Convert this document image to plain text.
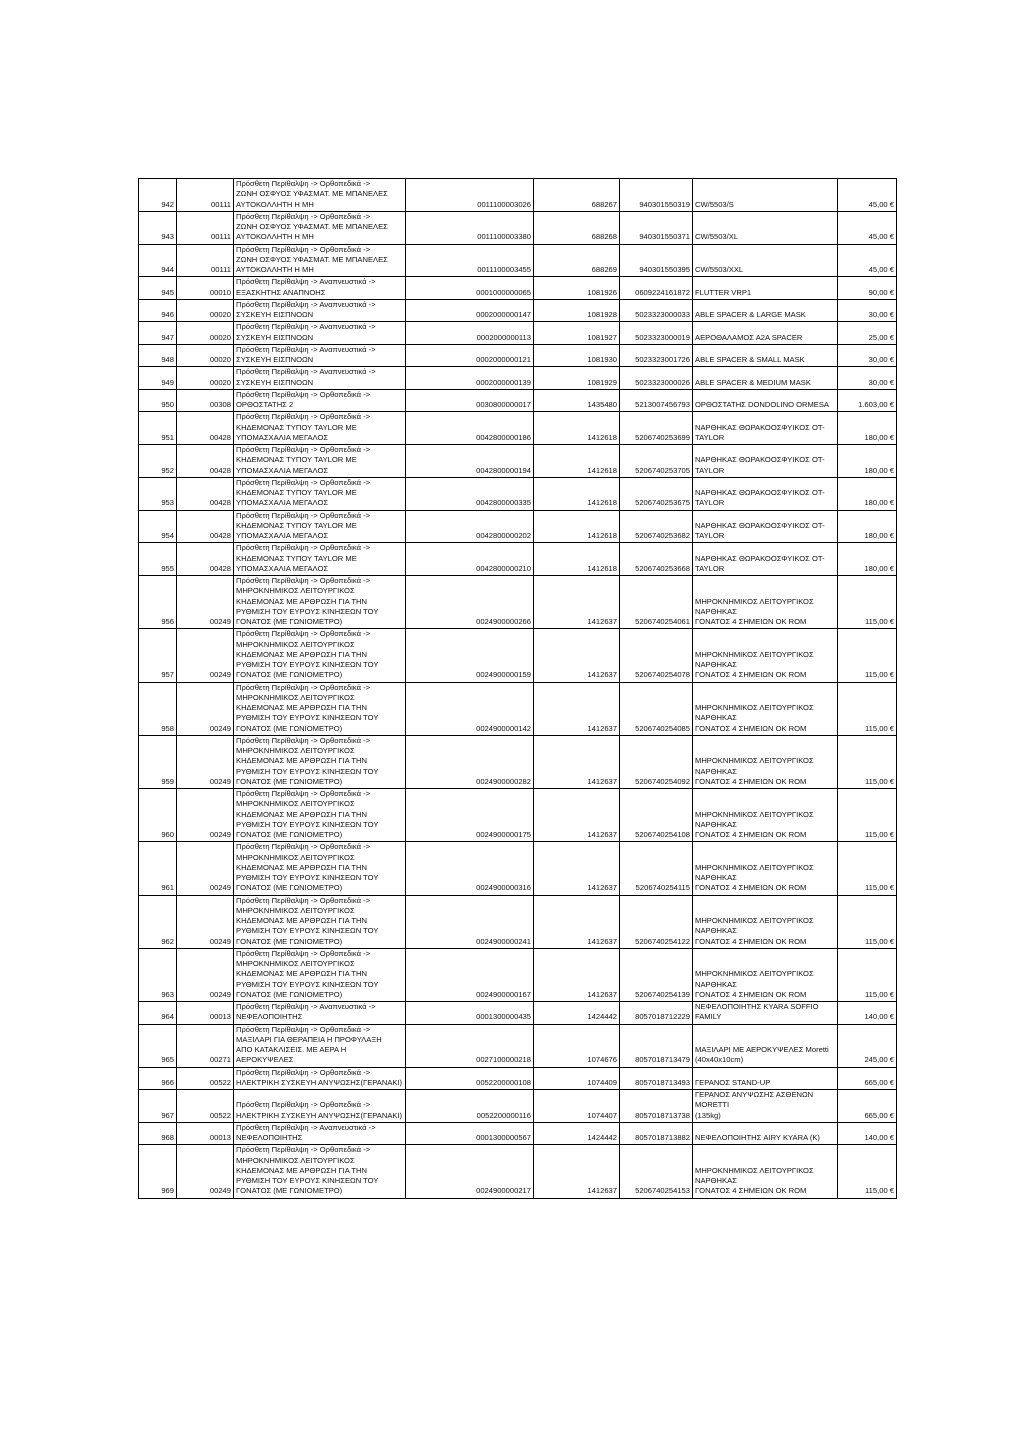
942	00111	Πρόσθετη Περίθαλψη -> Ορθοπεδικά ->
ΖΩΝΗ ΟΣΦΥΟΣ ΥΦΑΣΜΑΤ. ΜΕ ΜΠΑΝΕΛΕΣ
ΑΥΤΟΚΟΛΛΗΤΗ Η ΜΗ	0011100003026	688267	940301550319	CW/5503/S	45,00 €
943	00111	Πρόσθετη Περίθαλψη -> Ορθοπεδικά ->
ΖΩΝΗ ΟΣΦΥΟΣ ΥΦΑΣΜΑΤ. ΜΕ ΜΠΑΝΕΛΕΣ
ΑΥΤΟΚΟΛΛΗΤΗ Η ΜΗ	0011100003380	688268	940301550371	CW/5503/XL	45,00 €
944	00111	Πρόσθετη Περίθαλψη -> Ορθοπεδικά ->
ΖΩΝΗ ΟΣΦΥΟΣ ΥΦΑΣΜΑΤ. ΜΕ ΜΠΑΝΕΛΕΣ
ΑΥΤΟΚΟΛΛΗΤΗ Η ΜΗ	0011100003455	688269	940301550395	CW/5503/XXL	45,00 €
945	00010	Πρόσθετη Περίθαλψη -> Αναπνευστικά ->
ΕΞΑΣΚΗΤΗΣ ΑΝΑΠΝΟΗΣ	0001000000065	1081926	0609224161872	FLUTTER VRP1	90,00 €
946	00020	Πρόσθετη Περίθαλψη -> Αναπνευστικά ->
ΣΥΣΚΕΥΗ ΕΙΣΠΝΟΩΝ	0002000000147	1081928	5023323000033	ABLE SPACER & LARGE MASK	30,00 €
947	00020	Πρόσθετη Περίθαλψη -> Αναπνευστικά ->
ΣΥΣΚΕΥΗ ΕΙΣΠΝΟΩΝ	0002000000113	1081927	5023323000019	ΑΕΡΟΘΑΛΑΜΟΣ Α2Α SPACER	25,00 €
948	00020	Πρόσθετη Περίθαλψη -> Αναπνευστικά ->
ΣΥΣΚΕΥΗ ΕΙΣΠΝΟΩΝ	0002000000121	1081930	5023323001726	ABLE SPACER & SMALL MASK	30,00 €
949	00020	Πρόσθετη Περίθαλψη -> Αναπνευστικά ->
ΣΥΣΚΕΥΗ ΕΙΣΠΝΟΩΝ	0002000000139	1081929	5023323000026	ABLE SPACER & MEDIUM MASK	30,00 €
950	00308	Πρόσθετη Περίθαλψη -> Ορθοπεδικά ->
ΟΡΘΟΣΤΑΤΗΣ 2	0030800000017	1435480	5213007456793	ΟΡΘΟΣΤΑΤΗΣ DONDOLINO ORMESA	1.603,00 €
951	00428	Πρόσθετη Περίθαλψη -> Ορθοπεδικά ->
ΚΗΔΕΜΟΝΑΣ ΤΥΠΟΥ TAYLOR ΜΕ
ΥΠΟΜΑΣΧΑΛΙΑ ΜΕΓΑΛΟΣ	0042800000186	1412618	5206740253699	ΝΑΡΘΗΚΑΣ ΘΩΡΑΚΟΟΣΦΥΙΚΟΣ OT-TAYLOR	180,00 €
952	00428	Πρόσθετη Περίθαλψη -> Ορθοπεδικά ->
ΚΗΔΕΜΟΝΑΣ ΤΥΠΟΥ TAYLOR ΜΕ
ΥΠΟΜΑΣΧΑΛΙΑ ΜΕΓΑΛΟΣ	0042800000194	1412618	5206740253705	ΝΑΡΘΗΚΑΣ ΘΩΡΑΚΟΟΣΦΥΙΚΟΣ OT-TAYLOR	180,00 €
953	00428	Πρόσθετη Περίθαλψη -> Ορθοπεδικά ->
ΚΗΔΕΜΟΝΑΣ ΤΥΠΟΥ TAYLOR ΜΕ
ΥΠΟΜΑΣΧΑΛΙΑ ΜΕΓΑΛΟΣ	0042800000335	1412618	5206740253675	ΝΑΡΘΗΚΑΣ ΘΩΡΑΚΟΟΣΦΥΙΚΟΣ OT-TAYLOR	180,00 €
954	00428	Πρόσθετη Περίθαλψη -> Ορθοπεδικά ->
ΚΗΔΕΜΟΝΑΣ ΤΥΠΟΥ TAYLOR ΜΕ
ΥΠΟΜΑΣΧΑΛΙΑ ΜΕΓΑΛΟΣ	0042800000202	1412618	5206740253682	ΝΑΡΘΗΚΑΣ ΘΩΡΑΚΟΟΣΦΥΙΚΟΣ OT-TAYLOR	180,00 €
955	00428	Πρόσθετη Περίθαλψη -> Ορθοπεδικά ->
ΚΗΔΕΜΟΝΑΣ ΤΥΠΟΥ TAYLOR ΜΕ
ΥΠΟΜΑΣΧΑΛΙΑ ΜΕΓΑΛΟΣ	0042800000210	1412618	5206740253668	ΝΑΡΘΗΚΑΣ ΘΩΡΑΚΟΟΣΦΥΙΚΟΣ OT-TAYLOR	180,00 €
956	00249	Πρόσθετη Περίθαλψη -> Ορθοπεδικά ->
ΜΗΡΟΚΝΗΜΙΚΟΣ ΛΕΙΤΟΥΡΓΙΚΟΣ
ΚΗΔΕΜΟΝΑΣ ΜΕ ΑΡΘΡΩΣΗ ΓΙΑ ΤΗΝ
ΡΥΘΜΙΣΗ ΤΟΥ ΕΥΡΟΥΣ ΚΙΝΗΣΕΩΝ ΤΟΥ
ΓΟΝΑΤΟΣ (ΜΕ ΓΩΝΙΟΜΕΤΡΟ)	0024900000266	1412637	5206740254061	ΜΗΡΟΚΝΗΜΙΚΟΣ ΛΕΙΤΟΥΡΓΙΚΟΣ ΝΑΡΘΗΚΑΣ
ΓΟΝΑΤΟΣ 4 ΣΗΜΕΙΩΝ ΟΚ ROM	115,00 €
957	00249	Πρόσθετη Περίθαλψη -> Ορθοπεδικά ->
ΜΗΡΟΚΝΗΜΙΚΟΣ ΛΕΙΤΟΥΡΓΙΚΟΣ
ΚΗΔΕΜΟΝΑΣ ΜΕ ΑΡΘΡΩΣΗ ΓΙΑ ΤΗΝ
ΡΥΘΜΙΣΗ ΤΟΥ ΕΥΡΟΥΣ ΚΙΝΗΣΕΩΝ ΤΟΥ
ΓΟΝΑΤΟΣ (ΜΕ ΓΩΝΙΟΜΕΤΡΟ)	0024900000159	1412637	5206740254078	ΜΗΡΟΚΝΗΜΙΚΟΣ ΛΕΙΤΟΥΡΓΙΚΟΣ ΝΑΡΘΗΚΑΣ
ΓΟΝΑΤΟΣ 4 ΣΗΜΕΙΩΝ ΟΚ ROM	115,00 €
958	00249	Πρόσθετη Περίθαλψη -> Ορθοπεδικά ->
ΜΗΡΟΚΝΗΜΙΚΟΣ ΛΕΙΤΟΥΡΓΙΚΟΣ
ΚΗΔΕΜΟΝΑΣ ΜΕ ΑΡΘΡΩΣΗ ΓΙΑ ΤΗΝ
ΡΥΘΜΙΣΗ ΤΟΥ ΕΥΡΟΥΣ ΚΙΝΗΣΕΩΝ ΤΟΥ
ΓΟΝΑΤΟΣ (ΜΕ ΓΩΝΙΟΜΕΤΡΟ)	0024900000142	1412637	5206740254085	ΜΗΡΟΚΝΗΜΙΚΟΣ ΛΕΙΤΟΥΡΓΙΚΟΣ ΝΑΡΘΗΚΑΣ
ΓΟΝΑΤΟΣ 4 ΣΗΜΕΙΩΝ ΟΚ ROM	115,00 €
959	00249	Πρόσθετη Περίθαλψη -> Ορθοπεδικά ->
ΜΗΡΟΚΝΗΜΙΚΟΣ ΛΕΙΤΟΥΡΓΙΚΟΣ
ΚΗΔΕΜΟΝΑΣ ΜΕ ΑΡΘΡΩΣΗ ΓΙΑ ΤΗΝ
ΡΥΘΜΙΣΗ ΤΟΥ ΕΥΡΟΥΣ ΚΙΝΗΣΕΩΝ ΤΟΥ
ΓΟΝΑΤΟΣ (ΜΕ ΓΩΝΙΟΜΕΤΡΟ)	0024900000282	1412637	5206740254092	ΜΗΡΟΚΝΗΜΙΚΟΣ ΛΕΙΤΟΥΡΓΙΚΟΣ ΝΑΡΘΗΚΑΣ
ΓΟΝΑΤΟΣ 4 ΣΗΜΕΙΩΝ ΟΚ ROM	115,00 €
960	00249	Πρόσθετη Περίθαλψη -> Ορθοπεδικά ->
ΜΗΡΟΚΝΗΜΙΚΟΣ ΛΕΙΤΟΥΡΓΙΚΟΣ
ΚΗΔΕΜΟΝΑΣ ΜΕ ΑΡΘΡΩΣΗ ΓΙΑ ΤΗΝ
ΡΥΘΜΙΣΗ ΤΟΥ ΕΥΡΟΥΣ ΚΙΝΗΣΕΩΝ ΤΟΥ
ΓΟΝΑΤΟΣ (ΜΕ ΓΩΝΙΟΜΕΤΡΟ)	0024900000175	1412637	5206740254108	ΜΗΡΟΚΝΗΜΙΚΟΣ ΛΕΙΤΟΥΡΓΙΚΟΣ ΝΑΡΘΗΚΑΣ
ΓΟΝΑΤΟΣ 4 ΣΗΜΕΙΩΝ ΟΚ ROM	115,00 €
961	00249	Πρόσθετη Περίθαλψη -> Ορθοπεδικά ->
ΜΗΡΟΚΝΗΜΙΚΟΣ ΛΕΙΤΟΥΡΓΙΚΟΣ
ΚΗΔΕΜΟΝΑΣ ΜΕ ΑΡΘΡΩΣΗ ΓΙΑ ΤΗΝ
ΡΥΘΜΙΣΗ ΤΟΥ ΕΥΡΟΥΣ ΚΙΝΗΣΕΩΝ ΤΟΥ
ΓΟΝΑΤΟΣ (ΜΕ ΓΩΝΙΟΜΕΤΡΟ)	0024900000316	1412637	5206740254115	ΜΗΡΟΚΝΗΜΙΚΟΣ ΛΕΙΤΟΥΡΓΙΚΟΣ ΝΑΡΘΗΚΑΣ
ΓΟΝΑΤΟΣ 4 ΣΗΜΕΙΩΝ ΟΚ ROM	115,00 €
962	00249	Πρόσθετη Περίθαλψη -> Ορθοπεδικά ->
ΜΗΡΟΚΝΗΜΙΚΟΣ ΛΕΙΤΟΥΡΓΙΚΟΣ
ΚΗΔΕΜΟΝΑΣ ΜΕ ΑΡΘΡΩΣΗ ΓΙΑ ΤΗΝ
ΡΥΘΜΙΣΗ ΤΟΥ ΕΥΡΟΥΣ ΚΙΝΗΣΕΩΝ ΤΟΥ
ΓΟΝΑΤΟΣ (ΜΕ ΓΩΝΙΟΜΕΤΡΟ)	0024900000241	1412637	5206740254122	ΜΗΡΟΚΝΗΜΙΚΟΣ ΛΕΙΤΟΥΡΓΙΚΟΣ ΝΑΡΘΗΚΑΣ
ΓΟΝΑΤΟΣ 4 ΣΗΜΕΙΩΝ ΟΚ ROM	115,00 €
963	00249	Πρόσθετη Περίθαλψη -> Ορθοπεδικά ->
ΜΗΡΟΚΝΗΜΙΚΟΣ ΛΕΙΤΟΥΡΓΙΚΟΣ
ΚΗΔΕΜΟΝΑΣ ΜΕ ΑΡΘΡΩΣΗ ΓΙΑ ΤΗΝ
ΡΥΘΜΙΣΗ ΤΟΥ ΕΥΡΟΥΣ ΚΙΝΗΣΕΩΝ ΤΟΥ
ΓΟΝΑΤΟΣ (ΜΕ ΓΩΝΙΟΜΕΤΡΟ)	0024900000167	1412637	5206740254139	ΜΗΡΟΚΝΗΜΙΚΟΣ ΛΕΙΤΟΥΡΓΙΚΟΣ ΝΑΡΘΗΚΑΣ
ΓΟΝΑΤΟΣ 4 ΣΗΜΕΙΩΝ ΟΚ ROM	115,00 €
964	00013	Πρόσθετη Περίθαλψη -> Αναπνευστικά ->
ΝΕΦΕΛΟΠΟΙΗΤΗΣ	0001300000435	1424442	8057018712229	ΝΕΦΕΛΟΠΟΙΗΤΗΣ KYARA SOFFIO FAMILY	140,00 €
965	00271	Πρόσθετη Περίθαλψη -> Ορθοπεδικά ->
ΜΑΞΙΛΑΡΙ ΓΙΑ ΘΕΡΑΠΕΙΑ Η ΠΡΟΦΥΛΑΞΗ
ΑΠΟ ΚΑΤΑΚΛΙΣΕΙΣ. ΜΕ ΑΕΡΑ Η
ΑΕΡΟΚΥΨΕΛΕΣ	0027100000218	1074676	8057018713479	ΜΑΞΙΛΑΡΙ ΜΕ ΑΕΡΟΚΥΨΕΛΕΣ Moretti
(40x40x10cm)	245,00 €
966	00522	Πρόσθετη Περίθαλψη -> Ορθοπεδικά ->
ΗΛΕΚΤΡΙΚΗ ΣΥΣΚΕΥΗ ΑΝΥΨΩΣΗΣ(ΓΕΡΑΝΑΚΙ)	0052200000108	1074409	8057018713493	ΓΕΡΑΝΟΣ STAND-UP	665,00 €
967	00522	Πρόσθετη Περίθαλψη -> Ορθοπεδικά ->
ΗΛΕΚΤΡΙΚΗ ΣΥΣΚΕΥΗ ΑΝΥΨΩΣΗΣ(ΓΕΡΑΝΑΚΙ)	0052200000116	1074407	8057018713738	ΓΕΡΑΝΟΣ ΑΝΥΨΩΣΗΣ ΑΣΘΕΝΩΝ MORETTI
(135kg)	665,00 €
968	00013	Πρόσθετη Περίθαλψη -> Αναπνευστικά ->
ΝΕΦΕΛΟΠΟΙΗΤΗΣ	0001300000567	1424442	8057018713882	ΝΕΦΕΛΟΠΟΙΗΤΗΣ AIRY KYARA (K)	140,00 €
969	00249	Πρόσθετη Περίθαλψη -> Ορθοπεδικά ->
ΜΗΡΟΚΝΗΜΙΚΟΣ ΛΕΙΤΟΥΡΓΙΚΟΣ
ΚΗΔΕΜΟΝΑΣ ΜΕ ΑΡΘΡΩΣΗ ΓΙΑ ΤΗΝ
ΡΥΘΜΙΣΗ ΤΟΥ ΕΥΡΟΥΣ ΚΙΝΗΣΕΩΝ ΤΟΥ
ΓΟΝΑΤΟΣ (ΜΕ ΓΩΝΙΟΜΕΤΡΟ)	0024900000217	1412637	5206740254153	ΜΗΡΟΚΝΗΜΙΚΟΣ ΛΕΙΤΟΥΡΓΙΚΟΣ ΝΑΡΘΗΚΑΣ
ΓΟΝΑΤΟΣ 4 ΣΗΜΕΙΩΝ ΟΚ ROM	115,00 €
